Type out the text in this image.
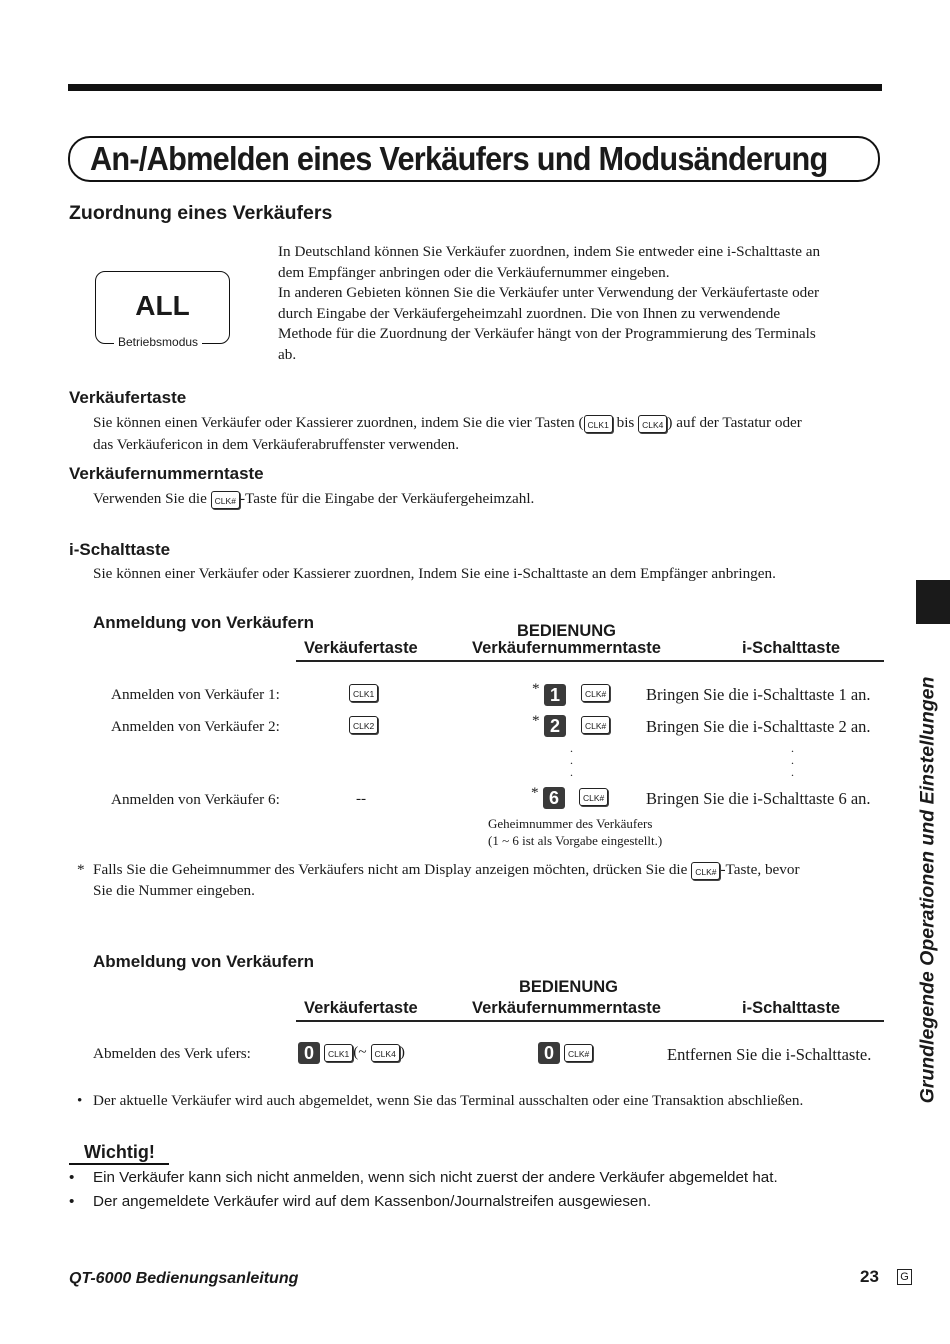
An-/Abmelden eines Verkäufers und Modusänderung
Zuordnung eines Verkäufers
ALL
Betriebsmodus
In Deutschland können Sie Verkäufer zuordnen, indem Sie entweder eine i-Schalttaste an
dem Empfänger anbringen oder die Verkäufernummer eingeben.
In anderen Gebieten können Sie die Verkäufer unter Verwendung der Verkäufertaste oder
durch Eingabe der Verkäufergeheimzahl zuordnen. Die von Ihnen zu verwendende
Methode für die Zuordnung der Verkäufer hängt von der Programmierung des Terminals
ab.
Verkäufertaste
Sie können einen Verkäufer oder Kassierer zuordnen, indem Sie die vier Tasten ( CLK1 bis CLK4 ) auf der Tastatur oder
das Verkäufericon in dem Verkäuferabruffenster verwenden.
Verkäufernummerntaste
Verwenden Sie die CLK# -Taste für die Eingabe der Verkäufergeheimzahl.
i-Schalttaste
Sie können einer Verkäufer oder Kassierer zuordnen, Indem Sie eine i-Schalttaste an dem Empfänger anbringen.
Anmeldung von Verkäufern	BEDIENUNG
Verkäufertaste	Verkäufernummerntaste	i-Schalttaste
Anmelden von Verkäufer 1:	CLK1	* 1	CLK# Bringen Sie die i-Schalttaste 1 an.
Anmelden von Verkäufer 2:	CLK2	* 2	CLK# Bringen Sie die i-Schalttaste 2 an.
.
.
.
.
.
.
Anmelden von Verkäufer 6:	--	* 6	CLK#	Bringen Sie die i-Schalttaste 6 an.
Geheimnummer des Verkäufers
(1 ~ 6 ist als Vorgabe eingestellt.)
* Falls Sie die Geheimnummer des Verkäufers nicht am Display anzeigen möchten, drücken Sie die CLK# -Taste, bevor
Sie die Nummer eingeben.
Abmeldung von Verkäufern
BEDIENUNG
Verkäufertaste	Verkäufernummerntaste	i-Schalttaste
Abmelden des Verk ufers:	0 CLK1 (~ CLK4 )	0 CLK#	Entfernen Sie die i-Schalttaste.
• Der aktuelle Verkäufer wird auch abgemeldet, wenn Sie das Terminal ausschalten oder eine Transaktion abschließen.
Wichtig!
• Ein Verkäufer kann sich nicht anmelden, wenn sich nicht zuerst der andere Verkäufer abgemeldet hat.
• Der angemeldete Verkäufer wird auf dem Kassenbon/Journalstreifen ausgewiesen.
Grundlegende Operationen und Einstellungen
QT-6000 Bedienungsanleitung	23 G
